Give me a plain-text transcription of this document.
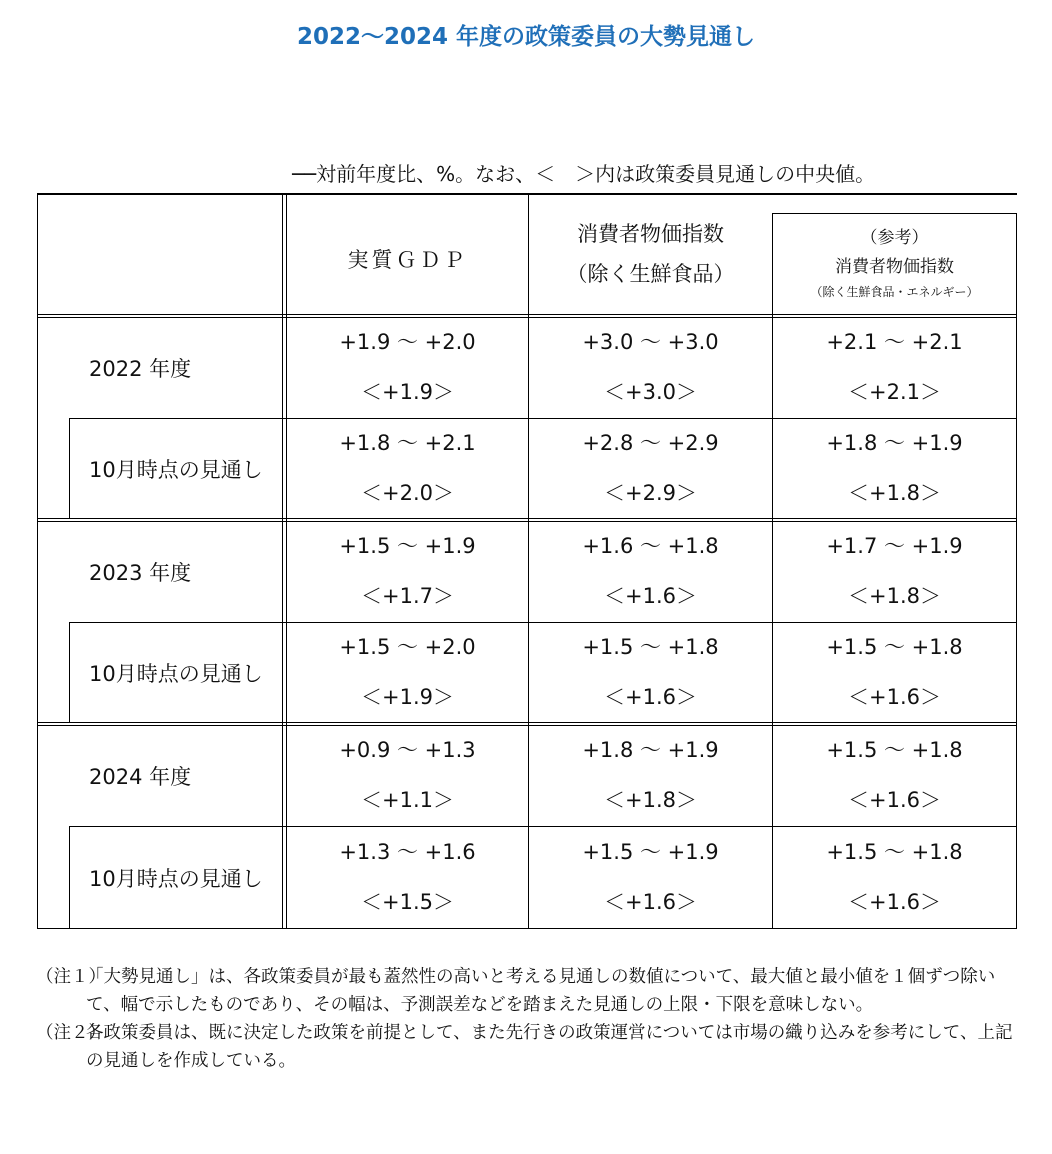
2022～2024 年度の政策委員の大勢見通し
──対前年度比、%。なお、＜　＞内は政策委員見通しの中央値。
実質ＧＤＰ
消費者物価指数
（除く生鮮食品）
（参考）
消費者物価指数
（除く生鮮食品・エネルギー）
2022 年度
10月時点の見通し
2023 年度
10月時点の見通し
2024 年度
10月時点の見通し
+1.9 ～ +2.0
＜+1.9＞
+3.0 ～ +3.0
＜+3.0＞
+2.1 ～ +2.1
＜+2.1＞
+1.8 ～ +2.1
＜+2.0＞
+2.8 ～ +2.9
＜+2.9＞
+1.8 ～ +1.9
＜+1.8＞
+1.5 ～ +1.9
＜+1.7＞
+1.6 ～ +1.8
＜+1.6＞
+1.7 ～ +1.9
＜+1.8＞
+1.5 ～ +2.0
＜+1.9＞
+1.5 ～ +1.8
＜+1.6＞
+1.5 ～ +1.8
＜+1.6＞
+0.9 ～ +1.3
＜+1.1＞
+1.8 ～ +1.9
＜+1.8＞
+1.5 ～ +1.8
＜+1.6＞
+1.3 ～ +1.6
＜+1.5＞
+1.5 ～ +1.9
＜+1.6＞
+1.5 ～ +1.8
＜+1.6＞
（注１）
「大勢見通し」は、各政策委員が最も蓋然性の高いと考える見通しの数値について、最大値と最小値を１個ずつ除いて、幅で示したものであり、その幅は、予測誤差などを踏まえた見通しの上限・下限を意味しない。
（注２）
各政策委員は、既に決定した政策を前提として、また先行きの政策運営については市場の織り込みを参考にして、上記の見通しを作成している。
